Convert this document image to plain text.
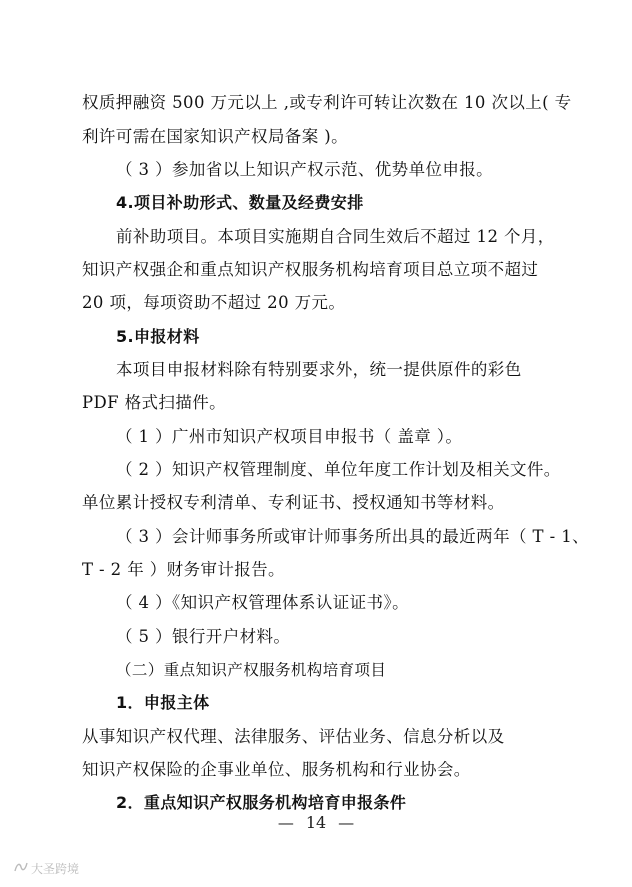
权质押融资 500 万元以上 ,或专利许可转让次数在 10 次以上( 专
利许可需在国家知识产权局备案 )。
（ 3 ）参加省以上知识产权示范、优势单位申报。
4.项目补助形式、数量及经费安排
前补助项目。本项目实施期自合同生效后不超过 12 个月，
知识产权强企和重点知识产权服务机构培育项目总立项不超过
20 项，每项资助不超过 20 万元。
5.申报材料
本项目申报材料除有特别要求外，统一提供原件的彩色
PDF 格式扫描件。
（ 1 ）广州市知识产权项目申报书（ 盖章 ）。
（ 2 ）知识产权管理制度、单位年度工作计划及相关文件。
单位累计授权专利清单、专利证书、授权通知书等材料。
（ 3 ）会计师事务所或审计师事务所出具的最近两年（ T - 1、
T - 2 年 ）财务审计报告。
（ 4 ）《知识产权管理体系认证证书》。
（ 5 ）银行开户材料。
（二）重点知识产权服务机构培育项目
1．申报主体
从事知识产权代理、法律服务、评估业务、信息分析以及
知识产权保险的企事业单位、服务机构和行业协会。
2．重点知识产权服务机构培育申报条件
— 14 —
大圣跨境
